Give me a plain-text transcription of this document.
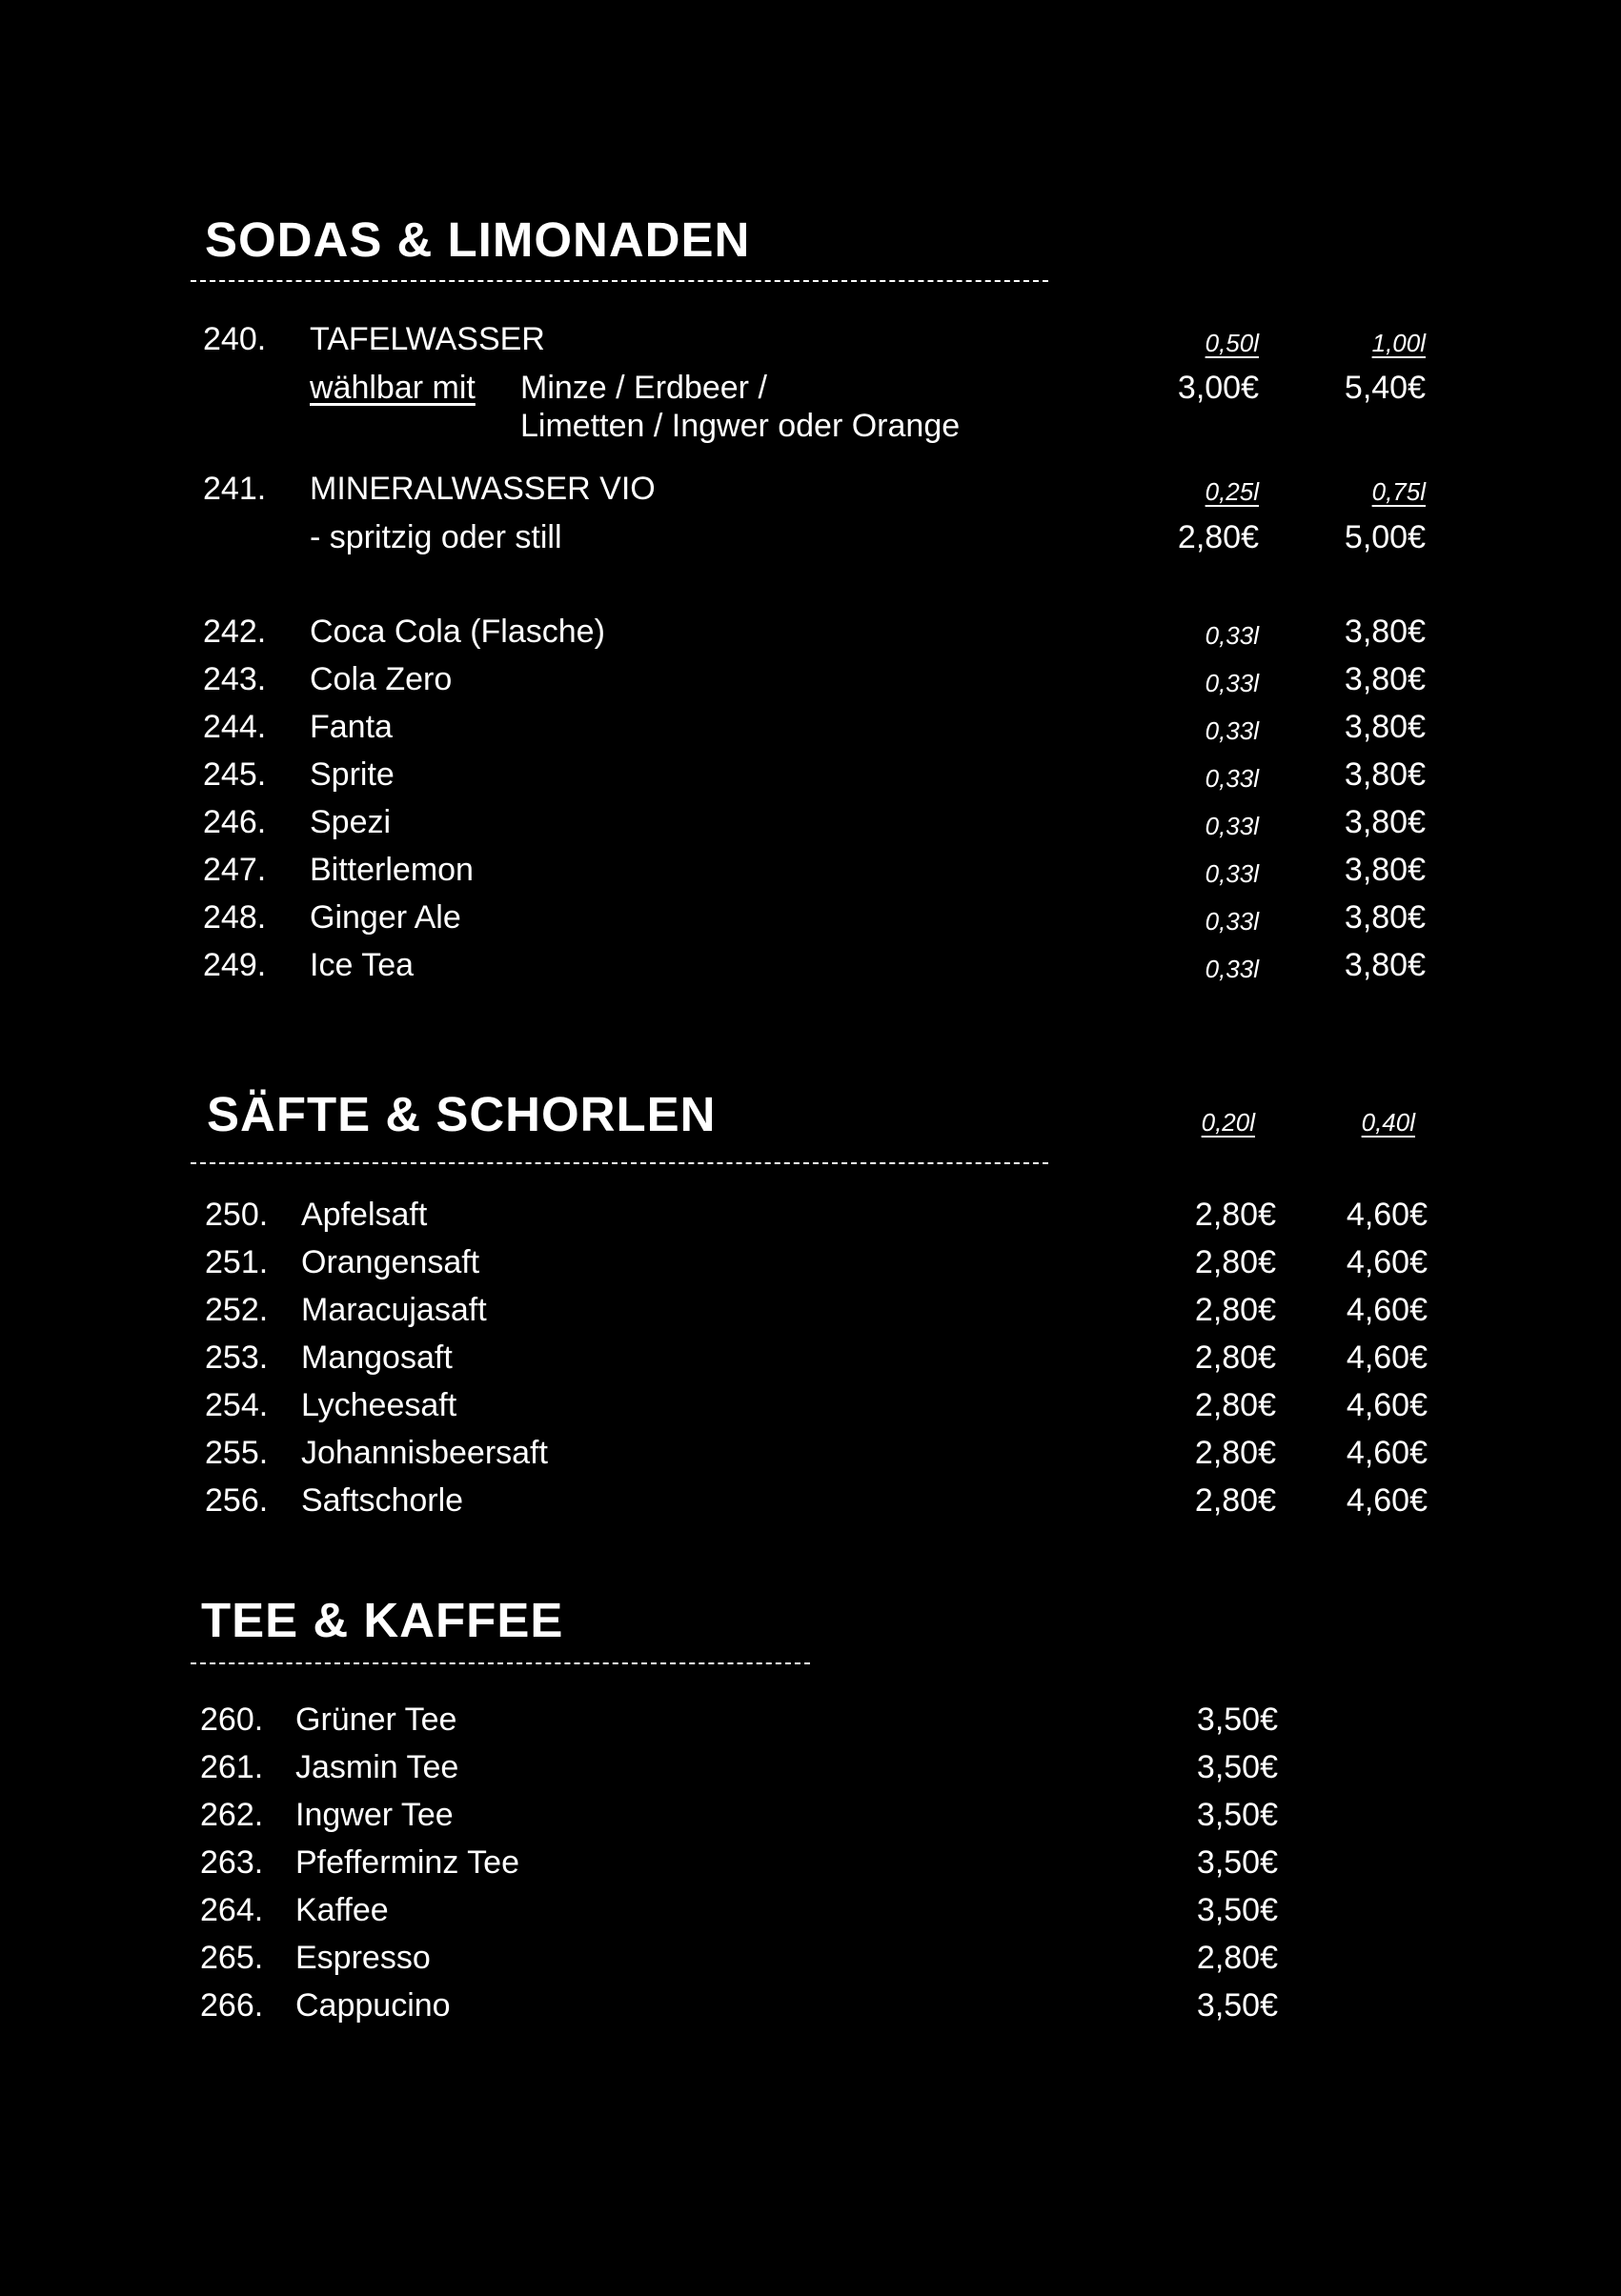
SODAS & LIMONADEN
240. TAFELWASSER	0,50l	1,00l
wählbar mit Minze / Erdbeer /
Limetten / Ingwer oder Orange
3,00€	5,40€
241. MINERALWASSER VIO	0,25l	0,75l
- spritzig oder still	2,80€	5,00€
242. Coca Cola (Flasche)	0,33l	3,80€
243. Cola Zero	0,33l	3,80€
244. Fanta	0,33l	3,80€
245. Sprite	0,33l	3,80€
246. Spezi	0,33l	3,80€
247. Bitterlemon	0,33l	3,80€
248. Ginger Ale	0,33l	3,80€
249. Ice Tea	0,33l	3,80€
SÄFTE & SCHORLEN	0,20l	0,40l
250. Apfelsaft	2,80€ 4,60€
251. Orangensaft	2,80€ 4,60€
252. Maracujasaft	2,80€ 4,60€
253. Mangosaft	2,80€ 4,60€
254. Lycheesaft	2,80€ 4,60€
255. Johannisbeersaft	2,80€ 4,60€
256. Saftschorle	2,80€ 4,60€
TEE & KAFFEE
260. Grüner Tee	3,50€
261. Jasmin Tee	3,50€
262. Ingwer Tee	3,50€
263. Pfefferminz Tee	3,50€
264. Kaffee	3,50€
265. Espresso	2,80€
266. Cappucino	3,50€
